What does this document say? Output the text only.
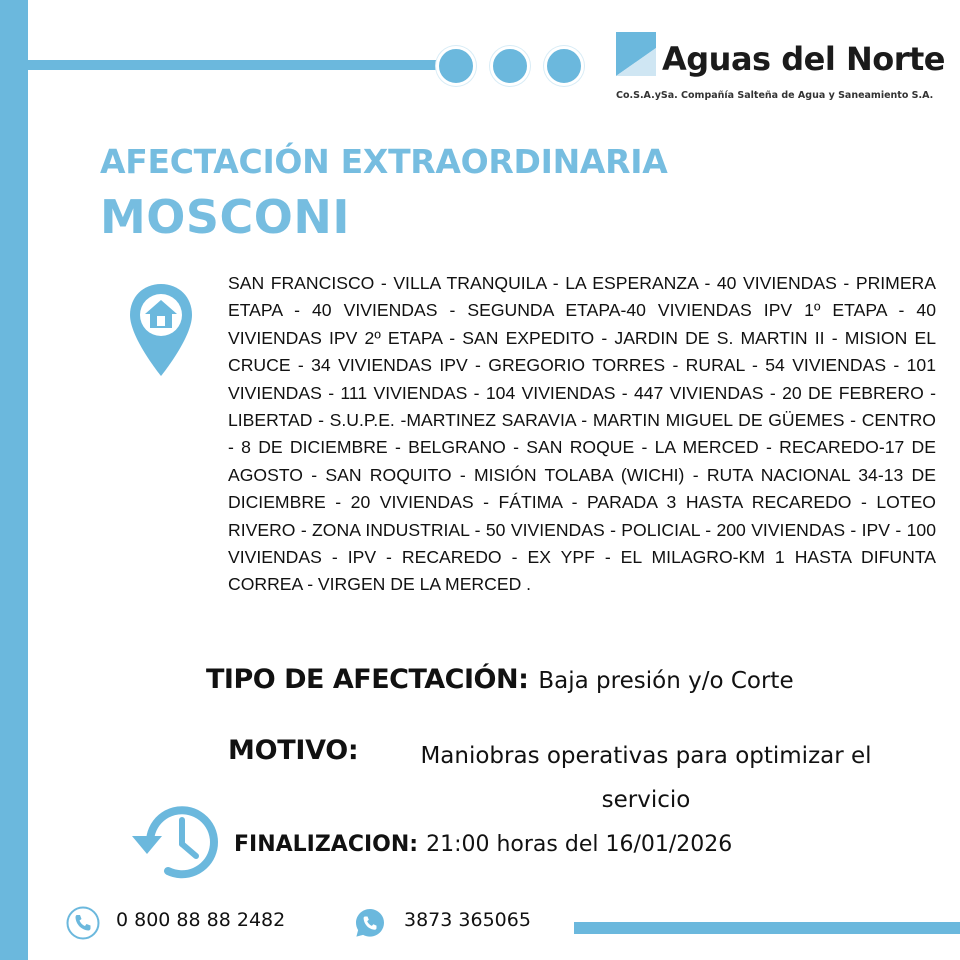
Aguas del Norte
Co.S.A.ySa. Compañía Salteña de Agua y Saneamiento S.A.
AFECTACIÓN EXTRAORDINARIA
MOSCONI
SAN FRANCISCO - VILLA TRANQUILA - LA ESPERANZA - 40 VIVIENDAS - PRIMERA ETAPA - 40 VIVIENDAS - SEGUNDA ETAPA-40 VIVIENDAS IPV 1º ETAPA - 40 VIVIENDAS IPV 2º ETAPA - SAN EXPEDITO - JARDIN DE S. MARTIN II - MISION EL CRUCE - 34 VIVIENDAS IPV - GREGORIO TORRES - RURAL - 54 VIVIENDAS - 101 VIVIENDAS - 111 VIVIENDAS - 104 VIVIENDAS - 447 VIVIENDAS - 20 DE FEBRERO - LIBERTAD - S.U.P.E. -MARTINEZ SARAVIA - MARTIN MIGUEL DE GÜEMES - CENTRO - 8 DE DICIEMBRE - BELGRANO - SAN ROQUE - LA MERCED - RECAREDO-17 DE AGOSTO - SAN ROQUITO - MISIÓN TOLABA (WICHI) - RUTA NACIONAL 34-13 DE DICIEMBRE - 20 VIVIENDAS - FÁTIMA - PARADA 3 HASTA RECAREDO - LOTEO RIVERO - ZONA INDUSTRIAL - 50 VIVIENDAS - POLICIAL - 200 VIVIENDAS - IPV - 100 VIVIENDAS - IPV - RECAREDO - EX YPF - EL MILAGRO-KM 1 HASTA DIFUNTA CORREA - VIRGEN DE LA MERCED .
TIPO DE AFECTACIÓN: Baja presión y/o Corte
MOTIVO:	Maniobras operativas para optimizar el servicio
FINALIZACION: 21:00 horas del 16/01/2026
0 800 88 88 2482	3873 365065
